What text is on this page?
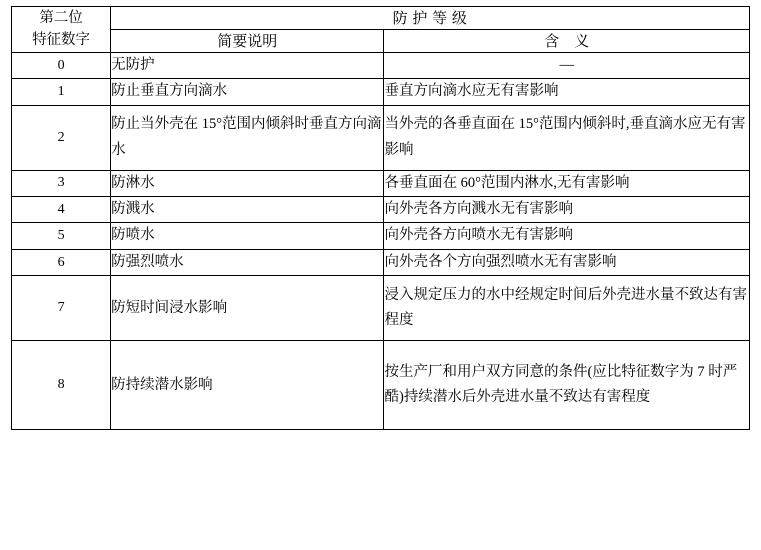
第二位
特征数字	防 护 等 级	
	简要说明	含　义
0	无防护	—
1	防止垂直方向滴水	垂直方向滴水应无有害影响
2	防止当外壳在 15°范围内倾斜时垂直方向滴水	当外壳的各垂直面在 15°范围内倾斜时,垂直滴水应无有害影响
3	防淋水	各垂直面在 60°范围内淋水,无有害影响
4	防溅水	向外壳各方向溅水无有害影响
5	防喷水	向外壳各方向喷水无有害影响
6	防强烈喷水	向外壳各个方向强烈喷水无有害影响
7	防短时间浸水影响	浸入规定压力的水中经规定时间后外壳进水量不致达有害程度
8	防持续潜水影响	按生产厂和用户双方同意的条件(应比特征数字为 7 时严酷)持续潜水后外壳进水量不致达有害程度
